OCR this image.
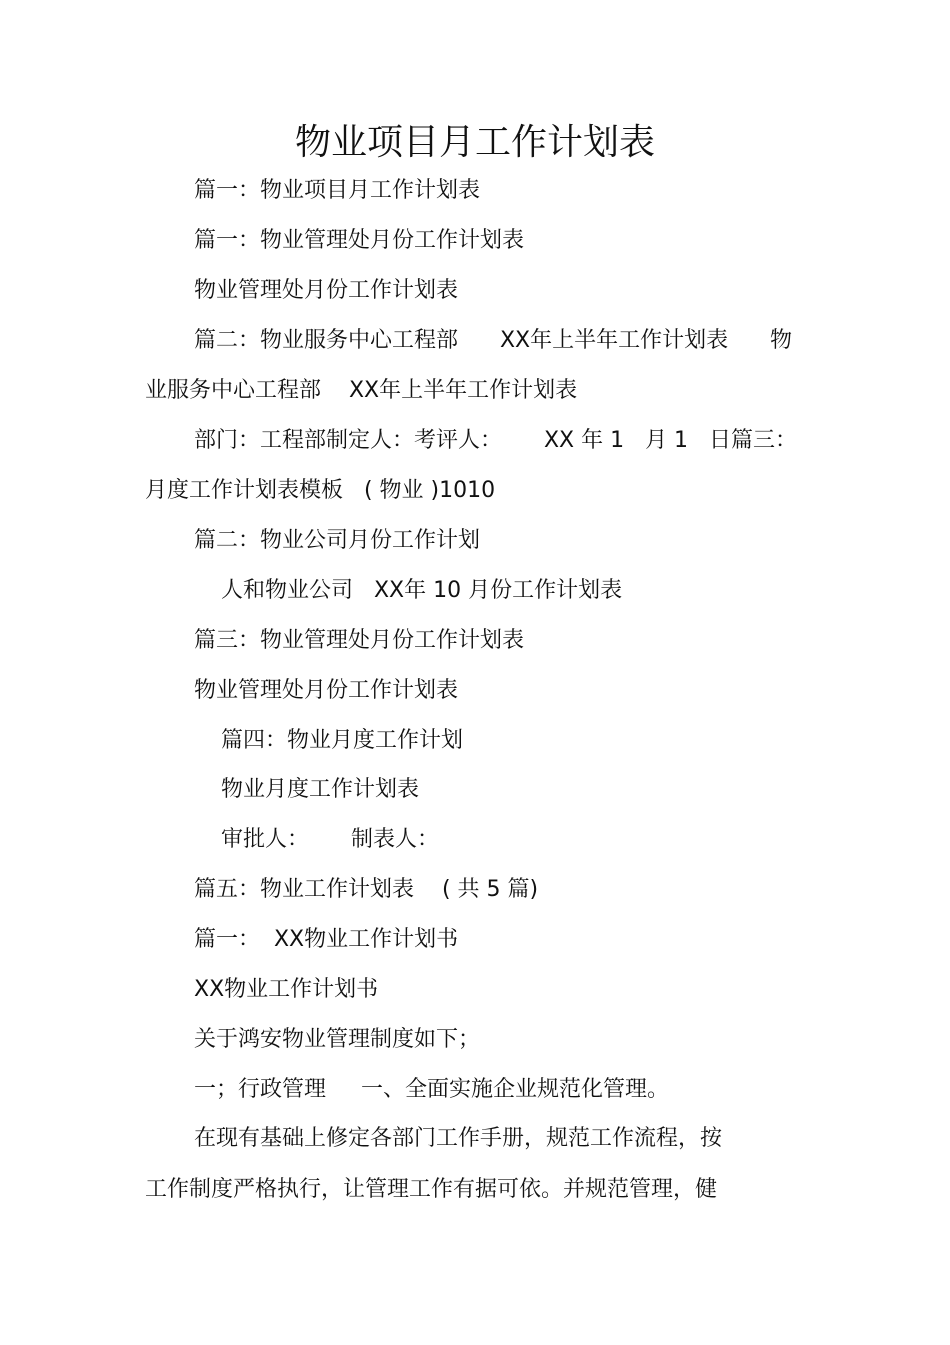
物业项目月工作计划表

篇一：物业项目月工作计划表

篇一：物业管理处月份工作计划表

物业管理处月份工作计划表

篇二：物业服务中心工程部      XX年上半年工作计划表      物

业服务中心工程部    XX年上半年工作计划表

部门：工程部制定人：考评人：      XX 年 1   月 1   日篇三：

月度工作计划表模板   ( 物业 )1010

篇二：物业公司月份工作计划

人和物业公司   XX年 10 月份工作计划表

篇三：物业管理处月份工作计划表

物业管理处月份工作计划表

篇四：物业月度工作计划

物业月度工作计划表

审批人：      制表人：

篇五：物业工作计划表    ( 共 5 篇)

篇一：  XX物业工作计划书

XX物业工作计划书

关于鸿安物业管理制度如下；

一；行政管理     一、全面实施企业规范化管理。

在现有基础上修定各部门工作手册，规范工作流程，按

工作制度严格执行，让管理工作有据可依。并规范管理，健
